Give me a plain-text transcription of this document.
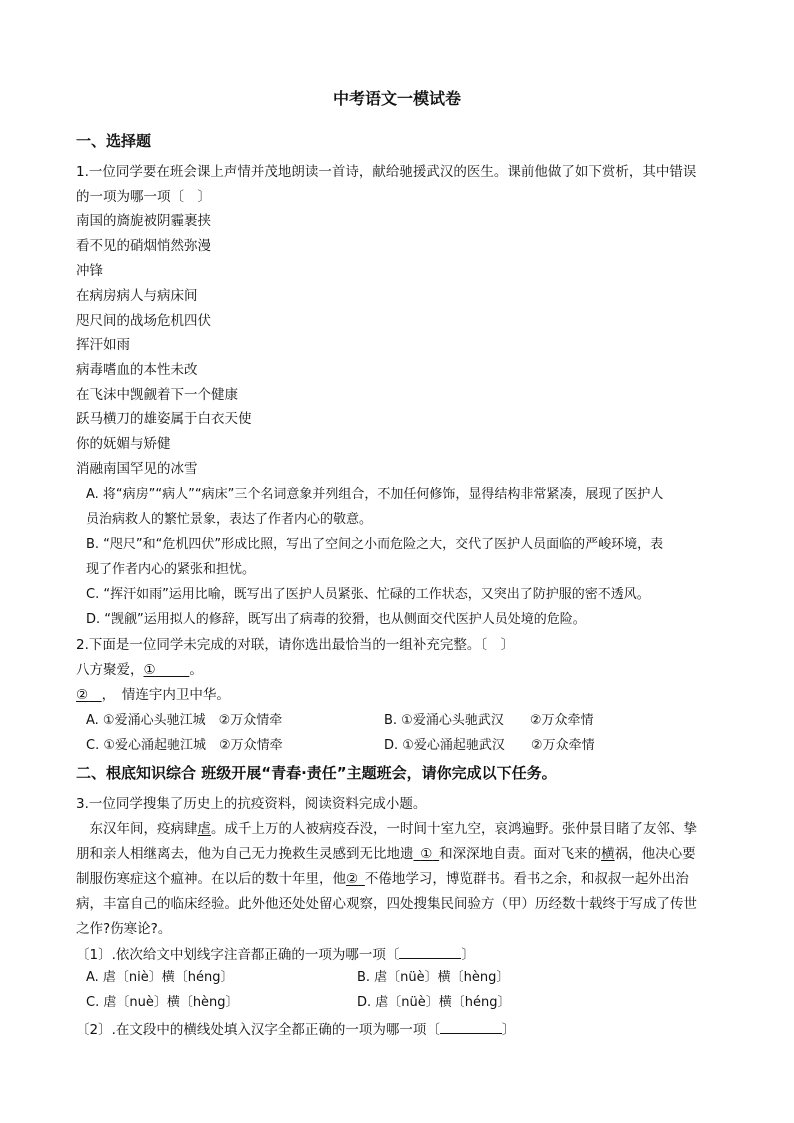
中考语文一模试卷
一、选择题
1.一位同学要在班会课上声情并茂地朗读一首诗，献给驰援武汉的医生。课前他做了如下赏析，其中错误
的一项为哪一项〔　〕
南国的旖旎被阴霾裹挟
看不见的硝烟悄然弥漫
冲锋
在病房病人与病床间
咫尺间的战场危机四伏
挥汗如雨
病毒嗜血的本性未改
在飞沫中觊觎着下一个健康
跃马横刀的雄姿属于白衣天使
你的妩媚与矫健
消融南国罕见的冰雪
A. 将“病房”“病人”“病床”三个名词意象并列组合，不加任何修饰，显得结构非常紧凑，展现了医护人
员治病救人的繁忙景象，表达了作者内心的敬意。
B. “咫尺”和“危机四伏”形成比照，写出了空间之小而危险之大，交代了医护人员面临的严峻环境，表
现了作者内心的紧张和担忧。
C. “挥汗如雨”运用比喻，既写出了医护人员紧张、忙碌的工作状态，又突出了防护服的密不透风。
D. “觊觎”运用拟人的修辞，既写出了病毒的狡猾，也从侧面交代医护人员处境的危险。
2.下面是一位同学未完成的对联，请你选出最恰当的一组补充完整。〔　〕
八方聚爱，①   	。
②  ，　情连宇内卫中华。
A. ①爱涌心头驰江城　②万众情牵	B. ①爱涌心头驰武汉　　②万众牵情
C. ①爱心涌起驰江城　②万众情牵	D. ①爱心涌起驰武汉　　②万众牵情
二、根底知识综合 班级开展“青春·责任”主题班会，请你完成以下任务。
3.一位同学搜集了历史上的抗疫资料，阅读资料完成小题。
　东汉年间，疫病肆虐。成千上万的人被病疫吞没，一时间十室九空，哀鸿遍野。张仲景目睹了友邻、挚
朋和亲人相继离去，他为自己无力挽救生灵感到无比地遗  ①  和深深地自责。面对飞来的横祸，他决心要
制服伤寒症这个瘟神。在以后的数十年里，他②  不倦地学习，博览群书。看书之余，和叔叔一起外出治
病，丰富自己的临床经验。此外他还处处留心观察，四处搜集民间验方（甲）历经数十载终于写成了传世
之作?伤寒论?。
〔1〕.依次给文中划线字注音都正确的一项为哪一项〔	〕
A. 虐〔niè〕横〔héng〕	B. 虐〔nüè〕横〔hèng〕
C. 虐〔nuè〕横〔hèng〕	D. 虐〔nüè〕横〔héng〕
〔2〕.在文段中的横线处填入汉字全都正确的一项为哪一项〔	〕
